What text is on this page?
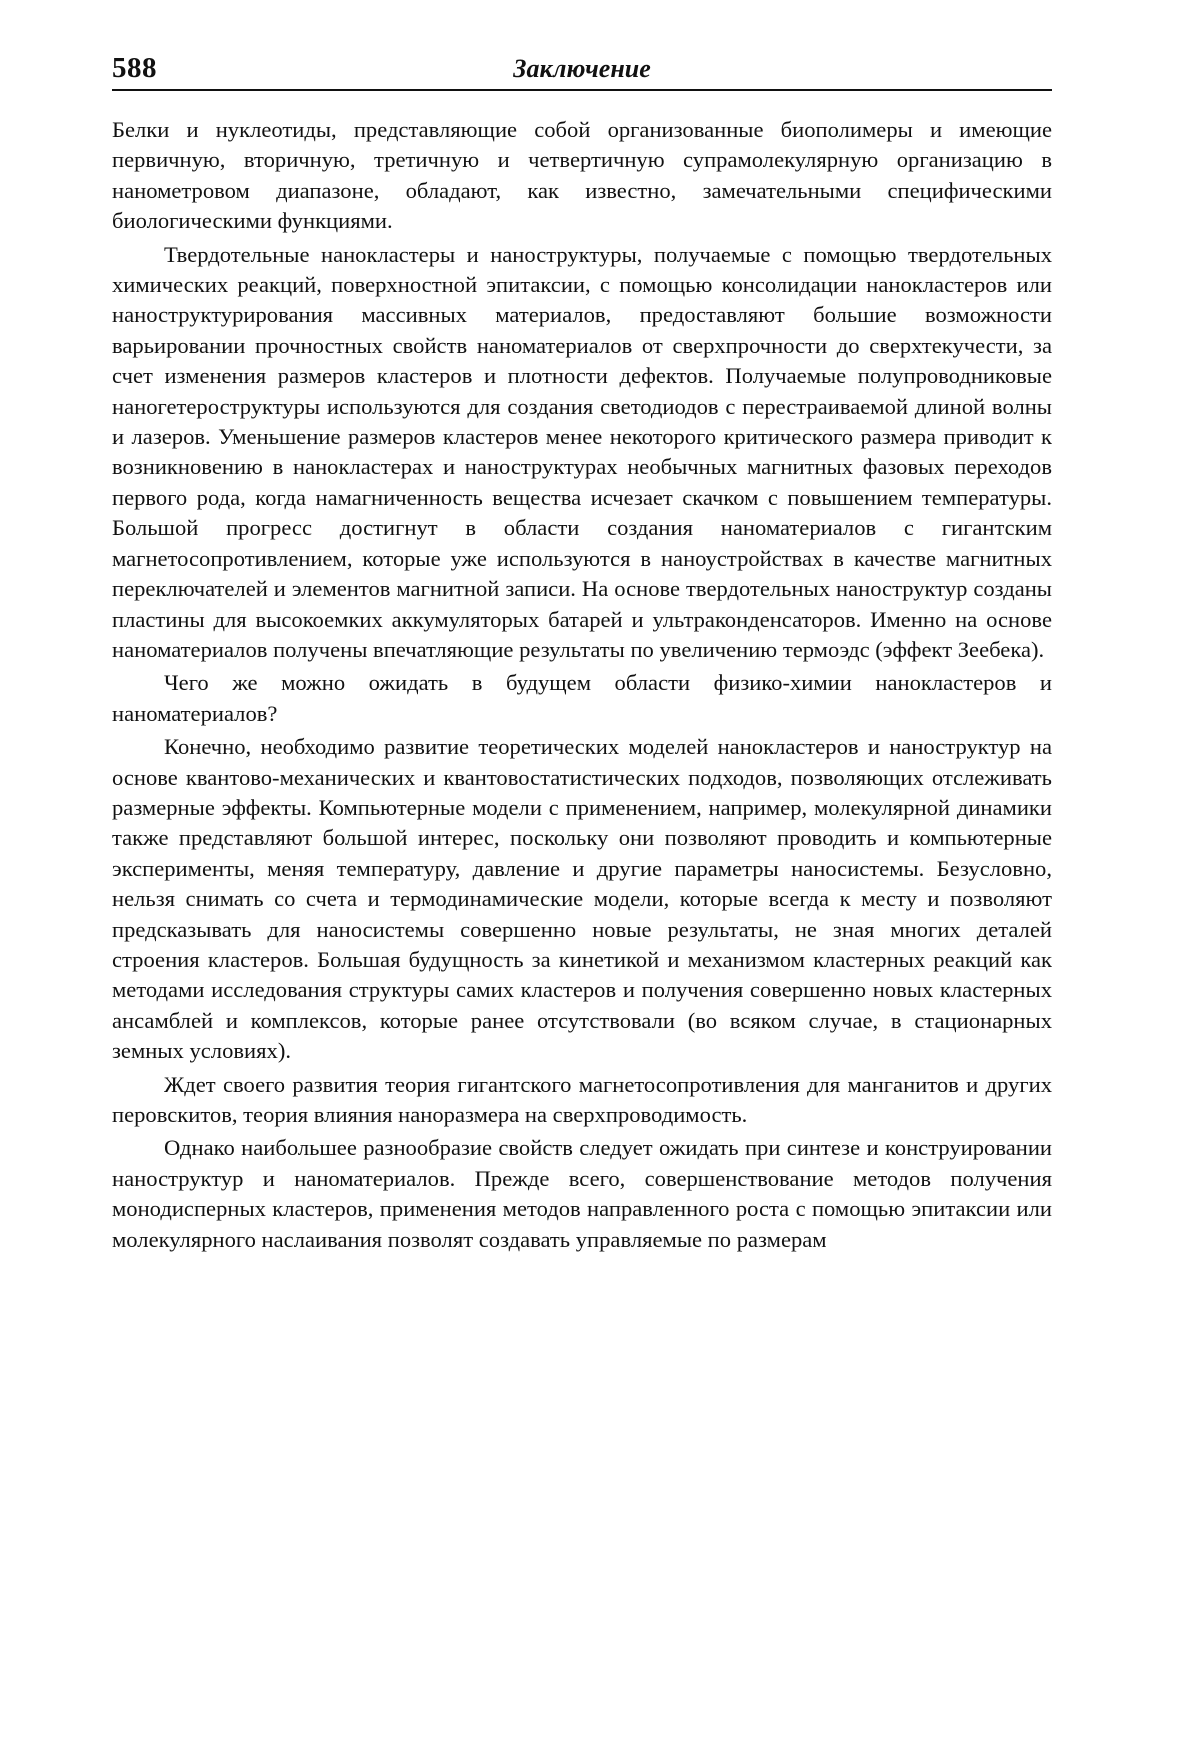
588	Заключение

Белки и нуклеотиды, представляющие собой организованные биополимеры и имеющие первичную, вторичную, третичную и четвертичную супрамолекулярную организацию в нанометровом диапазоне, обладают, как известно, замечательными специфическими биологическими функциями.

Твердотельные нанокластеры и наноструктуры, получаемые с помощью твердотельных химических реакций, поверхностной эпитаксии, с помощью консолидации нанокластеров или наноструктурирования массивных материалов, предоставляют большие возможности варьировании прочностных свойств наноматериалов от сверхпрочности до сверхтекучести, за счет изменения размеров кластеров и плотности дефектов. Получаемые полупроводниковые наногетероструктуры используются для создания светодиодов с перестраиваемой длиной волны и лазеров. Уменьшение размеров кластеров менее некоторого критического размера приводит к возникновению в нанокластерах и наноструктурах необычных магнитных фазовых переходов первого рода, когда намагниченность вещества исчезает скачком с повышением температуры. Большой прогресс достигнут в области создания наноматериалов с гигантским магнетосопротивлением, которые уже используются в наноустройствах в качестве магнитных переключателей и элементов магнитной записи. На основе твердотельных наноструктур созданы пластины для высокоемких аккумуляторых батарей и ультраконденсаторов. Именно на основе наноматериалов получены впечатляющие результаты по увеличению термоэдс (эффект Зеебека).

Чего же можно ожидать в будущем области физико-химии нанокластеров и наноматериалов?

Конечно, необходимо развитие теоретических моделей нанокластеров и наноструктур на основе квантово-механических и квантовостатистических подходов, позволяющих отслеживать размерные эффекты. Компьютерные модели с применением, например, молекулярной динамики также представляют большой интерес, поскольку они позволяют проводить и компьютерные эксперименты, меняя температуру, давление и другие параметры наносистемы. Безусловно, нельзя снимать со счета и термодинамические модели, которые всегда к месту и позволяют предсказывать для наносистемы совершенно новые результаты, не зная многих деталей строения кластеров. Большая будущность за кинетикой и механизмом кластерных реакций как методами исследования структуры самих кластеров и получения совершенно новых кластерных ансамблей и комплексов, которые ранее отсутствовали (во всяком случае, в стационарных земных условиях).

Ждет своего развития теория гигантского магнетосопротивления для манганитов и других перовскитов, теория влияния наноразмера на сверхпроводимость.

Однако наибольшее разнообразие свойств следует ожидать при синтезе и конструировании наноструктур и наноматериалов. Прежде всего, совершенствование методов получения монодисперных кластеров, применения методов направленного роста с помощью эпитаксии или молекулярного наслаивания позволят создавать управляемые по размерам
